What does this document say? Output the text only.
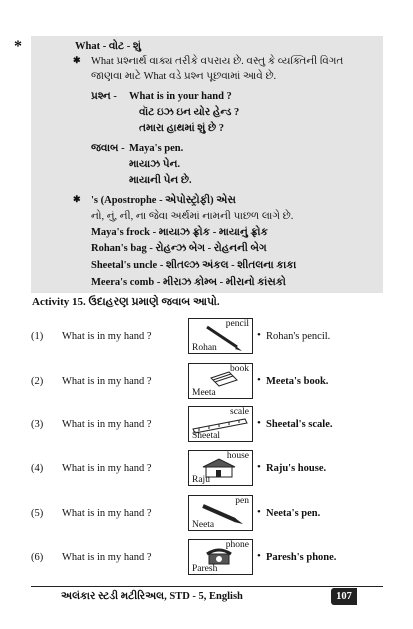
*	What - વોટ - શું
✱ What પ્રશ્નાર્થ વાક્ય તરીકે વપરાય છે. વસ્તુ કે વ્યક્તિની વિગત
જાણવા માટે What વડે પ્રશ્ન પૂછવામાં આવે છે.
પ્રશ્ન - What is in your hand ?
વૉટ ઇઝ ઇન યોર હેન્ડ ?
તમારા હાથમાં શું છે ?
જવાબ - Maya's pen.
માયાઝ પેન.
માયાની પેન છે.
✱ 's (Apostrophe - એપોસ્ટ્રોફી) એસ
નો, નું, ની, ના જેવા અર્થમાં નામની પાછળ લાગે છે.
Maya's frock - માયાઝ ફ્રોક - માયાનું ફ્રોક
Rohan's bag - રોહન્ઝ બેગ - રોહનની બેગ
Sheetal's uncle - શીતલ્ઝ અંકલ - શીતલના કાકા
Meera's comb - મીરાઝ કોમ્બ - મીરાનો કાંસકો
Activity 15. ઉદાહરણ પ્રમાણે જવાબ આપો.
(1) What is in my hand ?
pencil
Rohan
• Rohan's pencil.
(2) What is in my hand ?
book
Meeta
• Meeta's book.
(3) What is in my hand ?
scale
Sheetal
• Sheetal's scale.
(4) What is in my hand ?
house
Raju
• Raju's house.
(5) What is in my hand ?
pen
Neeta
• Neeta's pen.
(6) What is in my hand ?
phone
Paresh
• Paresh's phone.
અલંકાર સ્ટડી મટીરિઅલ, STD - 5, English	107
